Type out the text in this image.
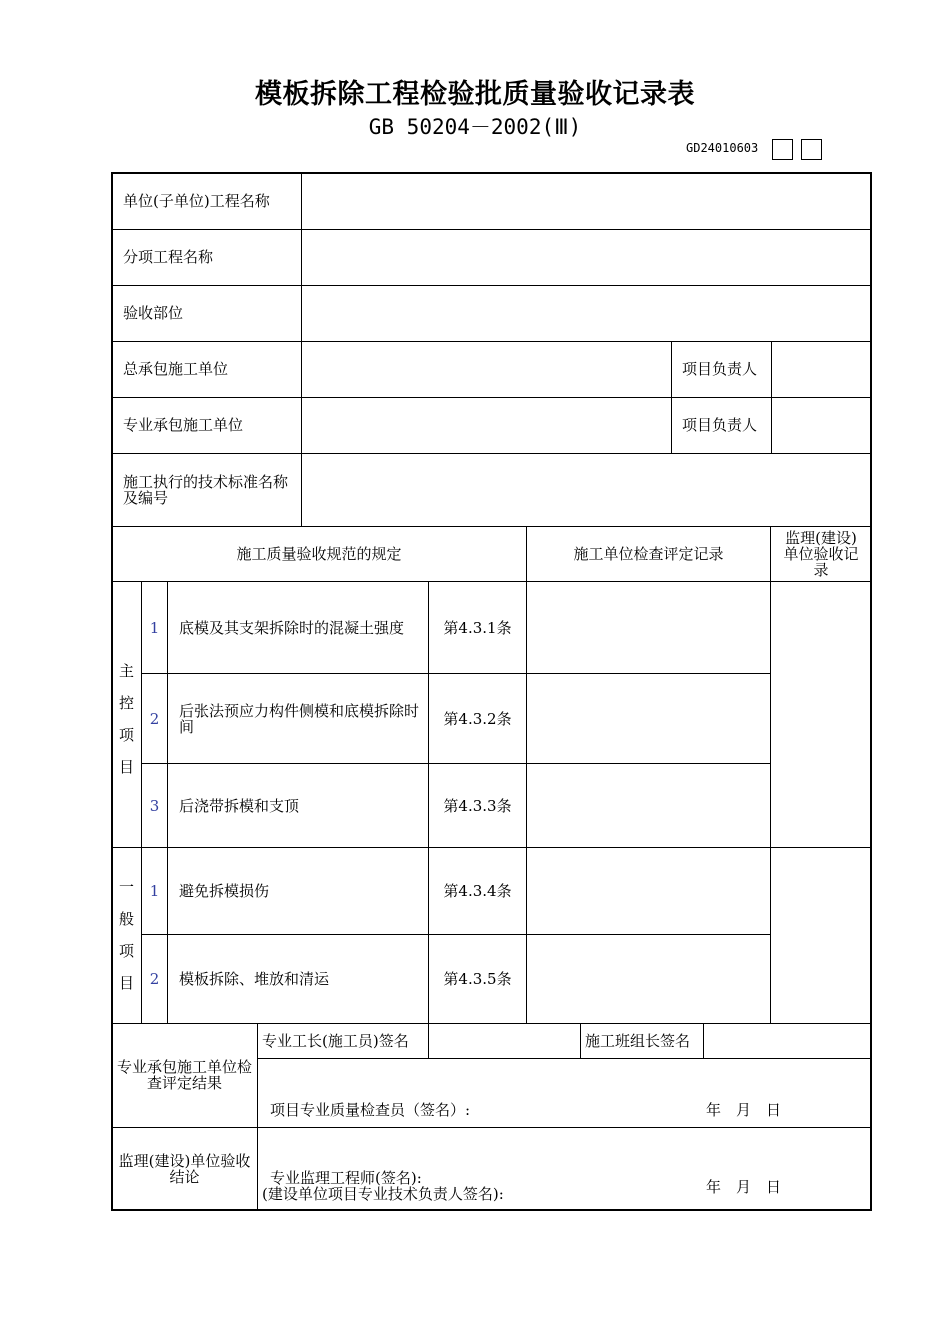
模板拆除工程检验批质量验收记录表
GB 50204－2002(Ⅲ)
GD24010603
单位(子单位)工程名称
分项工程名称
验收部位
总承包施工单位	项目负责人
专业承包施工单位	项目负责人
施工执行的技术标准名称及编号
施工质量验收规范的规定	施工单位检查评定记录
监理(建设)单位验收记录
主
控
项
目
1	底模及其支架拆除时的混凝土强度	第4.3.1条
2	后张法预应力构件侧模和底模拆除时间	第4.3.2条
3	后浇带拆模和支顶	第4.3.3条
一
般
项
目
1	避免拆模损伤	第4.3.4条
2	模板拆除、堆放和清运	第4.3.5条
专业承包施工单位检查评定结果
专业工长(施工员)签名	施工班组长签名
项目专业质量检查员（签名）:	年　月　日
监理(建设)单位验收结论	专业监理工程师(签名):
(建设单位项目专业技术负责人签名):	年　月　日
